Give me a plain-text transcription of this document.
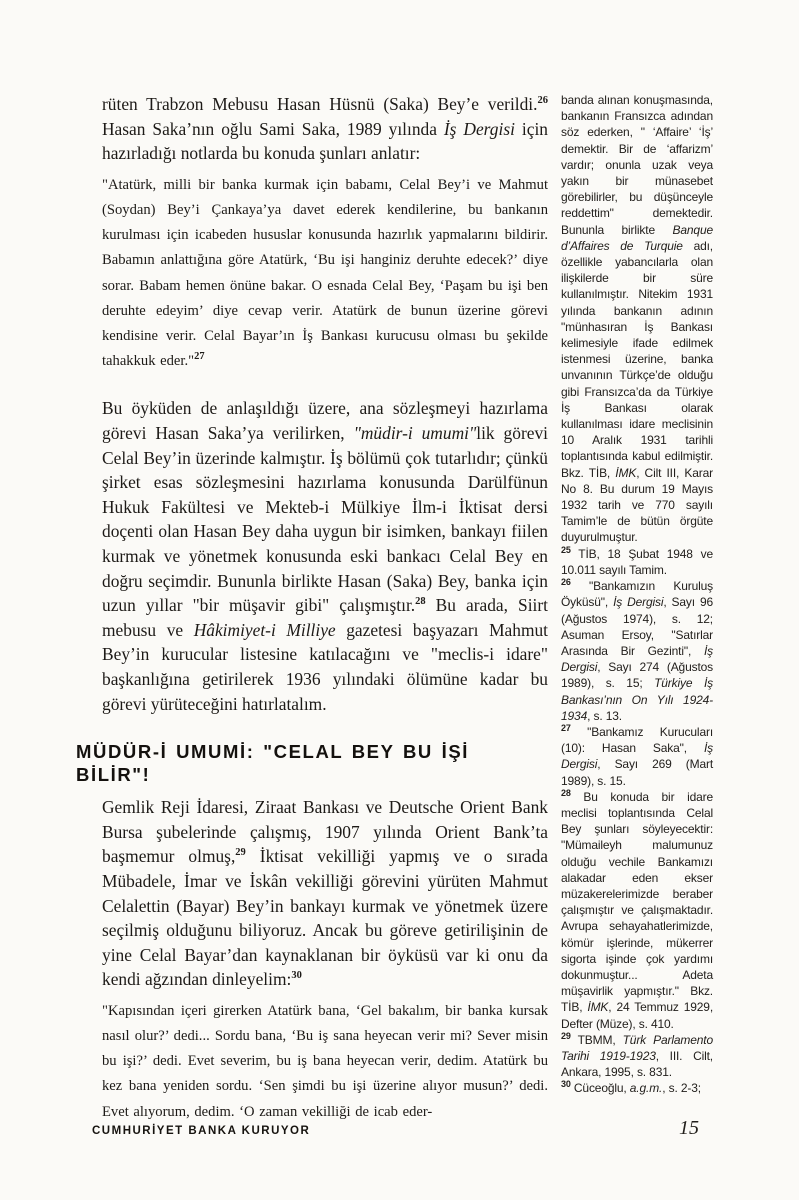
rüten Trabzon Mebusu Hasan Hüsnü (Saka) Bey’e verildi.$^{26}$ Hasan Saka’nın oğlu Sami Saka, 1989 yılında İş Dergisi için hazırladığı notlarda bu konuda şunları anlatır:

"Atatürk, milli bir banka kurmak için babamı, Celal Bey’i ve Mahmut (Soydan) Bey’i Çankaya’ya davet ederek kendilerine, bu bankanın kurulması için icabeden hususlar konusunda hazırlık yapmalarını bildirir. Babamın anlattığına göre Atatürk, ‘Bu işi hanginiz deruhte edecek?’ diye sorar. Babam hemen önüne bakar. O esnada Celal Bey, ‘Paşam bu işi ben deruhte edeyim’ diye cevap verir. Atatürk de bunun üzerine görevi kendisine verir. Celal Bayar’ın İş Bankası kurucusu olması bu şekilde tahakkuk eder."$^{27}$

Bu öyküden de anlaşıldığı üzere, ana sözleşmeyi hazırlama görevi Hasan Saka’ya verilirken, "müdir-i umumi"lik görevi Celal Bey’in üzerinde kalmıştır. İş bölümü çok tutarlıdır; çünkü şirket esas sözleşmesini hazırlama konusunda Darülfünun Hukuk Fakültesi ve Mekteb-i Mülkiye İlm-i İktisat dersi doçenti olan Hasan Bey daha uygun bir isimken, bankayı fiilen kurmak ve yönetmek konusunda eski bankacı Celal Bey en doğru seçimdir. Bununla birlikte Hasan (Saka) Bey, banka için uzun yıllar "bir müşavir gibi" çalışmıştır.$^{28}$ Bu arada, Siirt mebusu ve Hâkimiyet-i Milliye gazetesi başyazarı Mahmut Bey’in kurucular listesine katılacağını ve "meclis-i idare" başkanlığına getirilerek 1936 yılındaki ölümüne kadar bu görevi yürüteceğini hatırlatalım.

MÜDÜR-İ UMUMİ: "CELAL BEY BU İŞİ
BİLİR"!

Gemlik Reji İdaresi, Ziraat Bankası ve Deutsche Orient Bank Bursa şubelerinde çalışmış, 1907 yılında Orient Bank’ta başmemur olmuş,$^{29}$ İktisat vekilliği yapmış ve o sırada Mübadele, İmar ve İskân vekilliği görevini yürüten Mahmut Celalettin (Bayar) Bey’in bankayı kurmak ve yönetmek üzere seçilmiş olduğunu biliyoruz. Ancak bu göreve getirilişinin de yine Celal Bayar’dan kaynaklanan bir öyküsü var ki onu da kendi ağzından dinleyelim:$^{30}$

"Kapısından içeri girerken Atatürk bana, ‘Gel bakalım, bir banka kursak nasıl olur?’ dedi... Sordu bana, ‘Bu iş sana heyecan verir mi? Sever misin bu işi?’ dedi. Evet severim, bu iş bana heyecan verir, dedim. Atatürk bu kez bana yeniden sordu. ‘Sen şimdi bu işi üzerine alıyor musun?’ dedi. Evet alıyorum, dedim. ‘O zaman vekilliği de icab eder-

banda alınan konuşmasında, bankanın Fransızca adından söz ederken, " ‘Affaire’ ‘İş’ demektir. Bir de ‘affarizm’ vardır; onunla uzak veya yakın bir münasebet görebilirler, bu düşünceyle reddettim" demektedir. Bununla birlikte Banque d’Affaires de Turquie adı, özellikle yabancılarla olan ilişkilerde bir süre kullanılmıştır. Nitekim 1931 yılında bankanın adının "münhasıran İş Bankası kelimesiyle ifade edilmek istenmesi üzerine, banka unvanının Türkçe’de olduğu gibi Fransızca’da da Türkiye İş Bankası olarak kullanılması idare meclisinin 10 Aralık 1931 tarihli toplantısında kabul edilmiştir. Bkz. TİB, İMK, Cilt III, Karar No 8. Bu durum 19 Mayıs 1932 tarih ve 770 sayılı Tamim’le de bütün örgüte duyurulmuştur.

$^{25}$ TİB, 18 Şubat 1948 ve 10.011 sayılı Tamim.

$^{26}$ "Bankamızın Kuruluş Öyküsü", İş Dergisi, Sayı 96 (Ağustos 1974), s. 12; Asuman Ersoy, "Satırlar Arasında Bir Gezinti", İş Dergisi, Sayı 274 (Ağustos 1989), s. 15; Türkiye İş Bankası’nın On Yılı 1924-1934, s. 13.

$^{27}$ "Bankamız Kurucuları (10): Hasan Saka", İş Dergisi, Sayı 269 (Mart 1989), s. 15.

$^{28}$ Bu konuda bir idare meclisi toplantısında Celal Bey şunları söyleyecektir: "Mümaileyh malumunuz olduğu vechile Bankamızı alakadar eden ekser müzakerelerimizde beraber çalışmıştır ve çalışmaktadır. Avrupa sehayahatlerimizde, kömür işlerinde, mükerrer sigorta işinde çok yardımı dokunmuştur... Adeta müşavirlik yapmıştır." Bkz. TİB, İMK, 24 Temmuz 1929, Defter (Müze), s. 410.

$^{29}$ TBMM, Türk Parlamento Tarihi 1919-1923, III. Cilt, Ankara, 1995, s. 831.

$^{30}$ Cüceoğlu, a.g.m., s. 2-3;

CUMHURİYET BANKA KURUYOR	15
